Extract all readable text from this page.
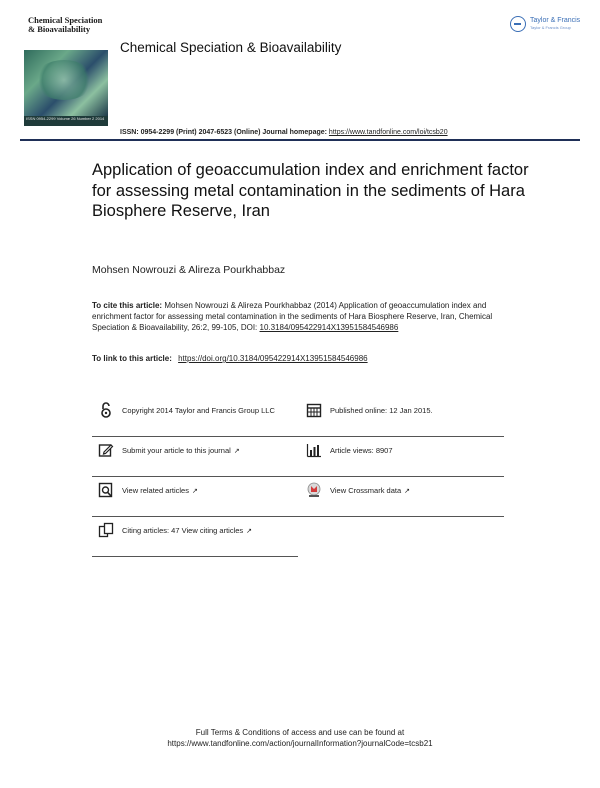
Chemical Speciation & Bioavailability
ISSN 0954-2299 Volume 26 Number 2 2014
Chemical Speciation & Bioavailability
Taylor & Francis
Taylor & Francis Group
ISSN: 0954-2299 (Print) 2047-6523 (Online) Journal homepage: https://www.tandfonline.com/loi/tcsb20
Application of geoaccumulation index and enrichment factor for assessing metal contamination in the sediments of Hara Biosphere Reserve, Iran
Mohsen Nowrouzi & Alireza Pourkhabbaz
To cite this article: Mohsen Nowrouzi & Alireza Pourkhabbaz (2014) Application of geoaccumulation index and enrichment factor for assessing metal contamination in the sediments of Hara Biosphere Reserve, Iran, Chemical Speciation & Bioavailability, 26:2, 99-105, DOI: 10.3184/095422914X13951584546986
To link to this article: https://doi.org/10.3184/095422914X13951584546986
Copyright 2014 Taylor and Francis Group LLC	Published online: 12 Jan 2015.
Submit your article to this journal ↗	Article views: 8907
View related articles ↗	View Crossmark data ↗
Citing articles: 47 View citing articles ↗
Full Terms & Conditions of access and use can be found at
https://www.tandfonline.com/action/journalInformation?journalCode=tcsb21
